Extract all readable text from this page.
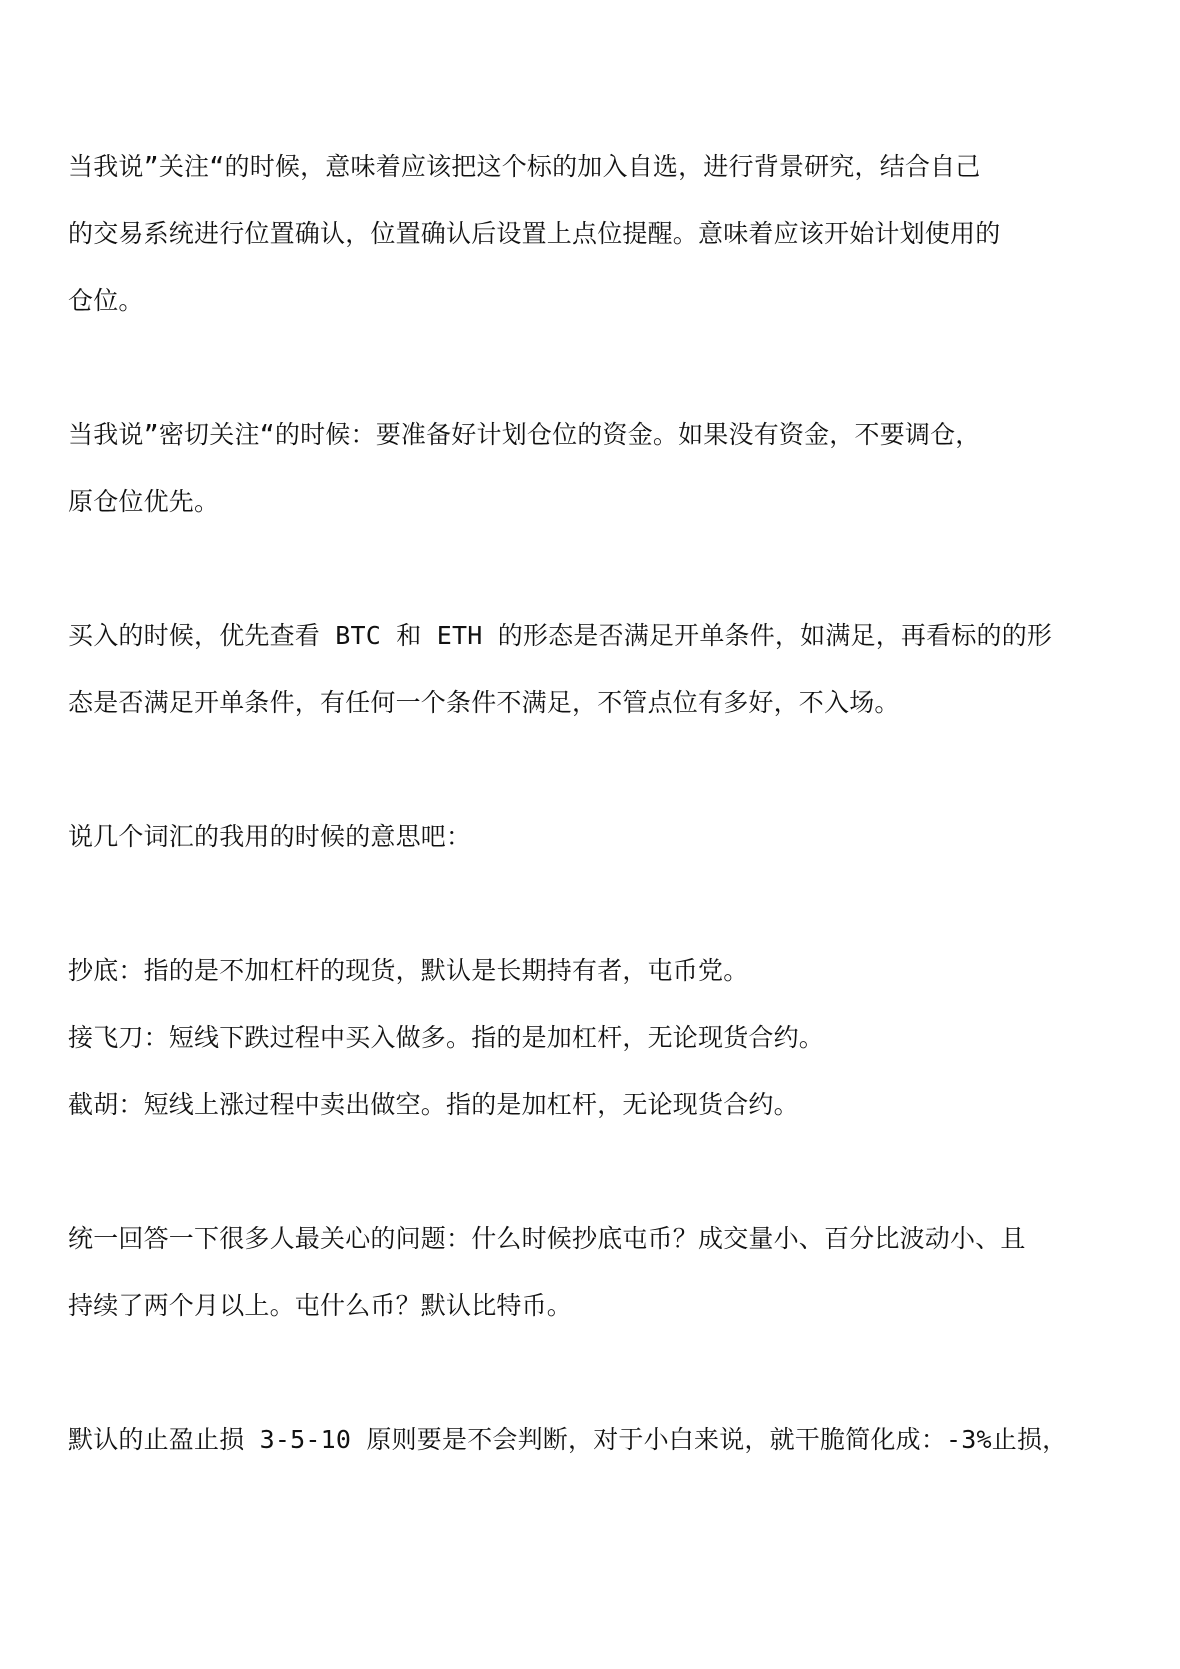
当我说”关注“的时候，意味着应该把这个标的加入自选，进行背景研究，结合自己
的交易系统进行位置确认，位置确认后设置上点位提醒。意味着应该开始计划使用的
仓位。
当我说”密切关注“的时候：要准备好计划仓位的资金。如果没有资金，不要调仓，
原仓位优先。
买入的时候，优先查看 BTC 和 ETH 的形态是否满足开单条件，如满足，再看标的的形
态是否满足开单条件，有任何一个条件不满足，不管点位有多好，不入场。
说几个词汇的我用的时候的意思吧：
抄底：指的是不加杠杆的现货，默认是长期持有者，屯币党。
接飞刀：短线下跌过程中买入做多。指的是加杠杆，无论现货合约。
截胡：短线上涨过程中卖出做空。指的是加杠杆，无论现货合约。
统一回答一下很多人最关心的问题：什么时候抄底屯币？成交量小、百分比波动小、且
持续了两个月以上。屯什么币？默认比特币。
默认的止盈止损 3-5-10 原则要是不会判断，对于小白来说，就干脆简化成：-3%止损，
